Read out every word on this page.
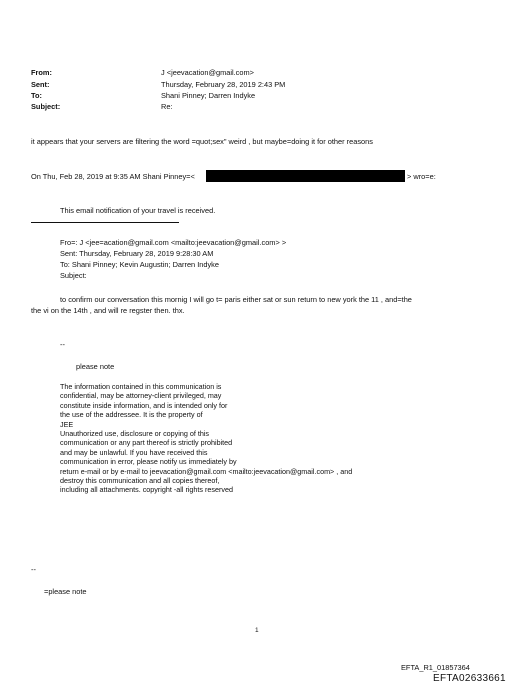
From:	J <jeevacation@gmail.com>
Sent:	Thursday, February 28, 2019 2:43 PM
To:	Shani Pinney; Darren Indyke
Subject:	Re:
it appears that your servers are filtering the word =quot;sex" weird , but maybe=doing it for other reasons
On Thu, Feb 28, 2019 at 9:35 AM Shani Pinney=<	> wro=e:
This email notification of your travel is received.
Fro=: J <jee=acation@gmail.com <mailto:jeevacation@gmail.com> >
Sent: Thursday, February 28, 2019 9:28:30 AM
To: Shani Pinney; Kevin Augustin; Darren Indyke
Subject:
to confirm our conversation this mornig I will go t= paris either sat or sun return to new york the 11 , and=the
the vi on the 14th , and will re regster then. thx.
--
please note
The information contained in this communication is
confidential, may be attorney-client privileged, may
constitute inside information, and is intended only for
the use of the addressee. It is the property of
JEE
Unauthorized use, disclosure or copying of this
communication or any part thereof is strictly prohibited
and may be unlawful. If you have received this
communication in error, please notify us immediately by
return e-mail or by e-mail to jeevacation@gmail.com <mailto:jeevacation@gmail.com> , and
destroy this communication and all copies thereof,
including all attachments. copyright -all rights reserved
--
=please note
1
EFTA_R1_01857364
EFTA02633661
